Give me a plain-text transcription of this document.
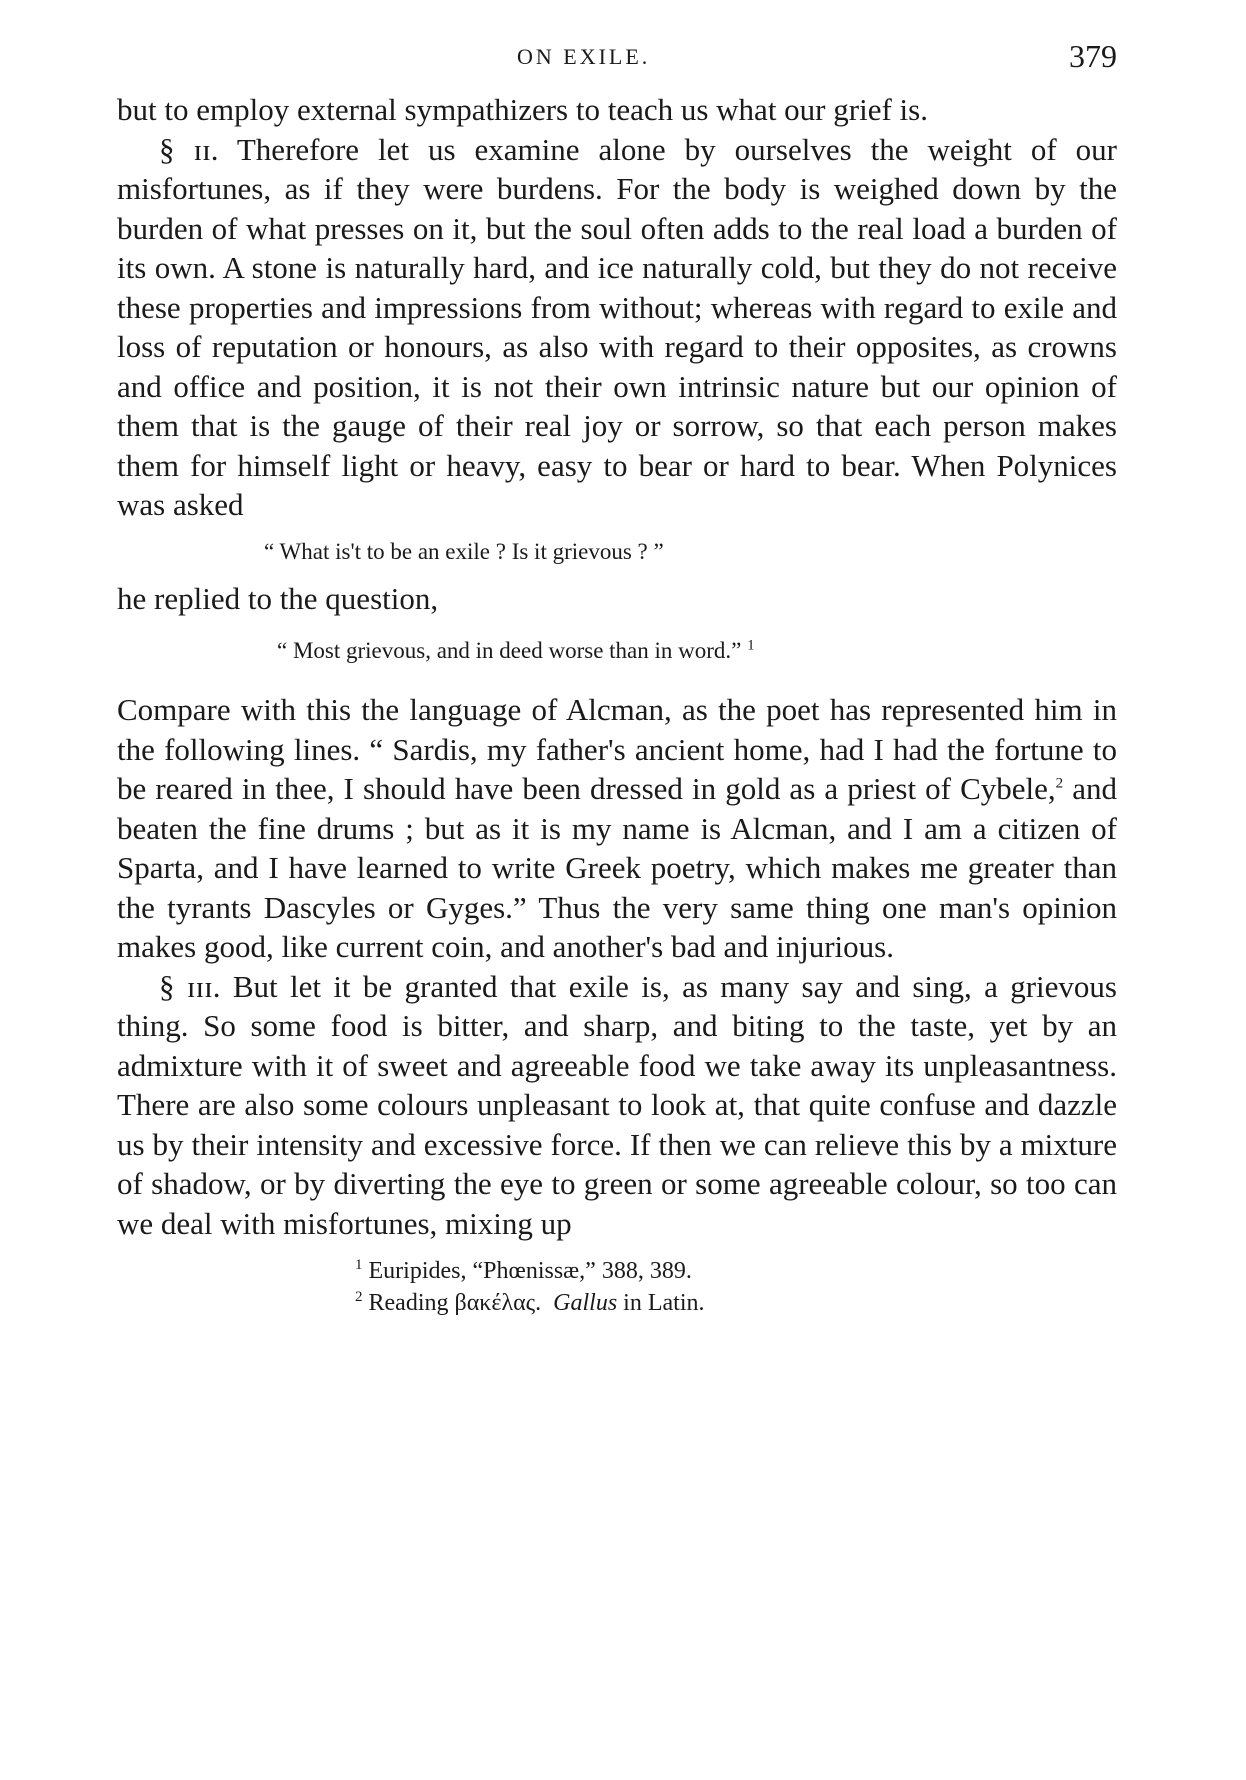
ON EXILE.	379

but to employ external sympathizers to teach us what our grief is.

§ ɪɪ. Therefore let us examine alone by ourselves the weight of our misfortunes, as if they were burdens. For the body is weighed down by the burden of what presses on it, but the soul often adds to the real load a burden of its own. A stone is naturally hard, and ice naturally cold, but they do not receive these properties and impressions from without; whereas with regard to exile and loss of reputation or honours, as also with regard to their opposites, as crowns and office and position, it is not their own intrinsic nature but our opinion of them that is the gauge of their real joy or sorrow, so that each person makes them for himself light or heavy, easy to bear or hard to bear. When Polynices was asked

“ What is't to be an exile ? Is it grievous ? ”

he replied to the question,

“ Most grievous, and in deed worse than in word.” $^1$

Compare with this the language of Alcman, as the poet has represented him in the following lines. “ Sardis, my father's ancient home, had I had the fortune to be reared in thee, I should have been dressed in gold as a priest of Cybele,$^2$ and beaten the fine drums ; but as it is my name is Alcman, and I am a citizen of Sparta, and I have learned to write Greek poetry, which makes me greater than the tyrants Dascyles or Gyges.” Thus the very same thing one man's opinion makes good, like current coin, and another's bad and injurious.

§ ɪɪɪ. But let it be granted that exile is, as many say and sing, a grievous thing. So some food is bitter, and sharp, and biting to the taste, yet by an admixture with it of sweet and agreeable food we take away its unpleasantness. There are also some colours unpleasant to look at, that quite confuse and dazzle us by their intensity and excessive force. If then we can relieve this by a mixture of shadow, or by diverting the eye to green or some agreeable colour, so too can we deal with misfortunes, mixing up

$^1$ Euripides, “Phœnissæ,” 388, 389.
$^2$ Reading βακέλας. Gallus in Latin.
